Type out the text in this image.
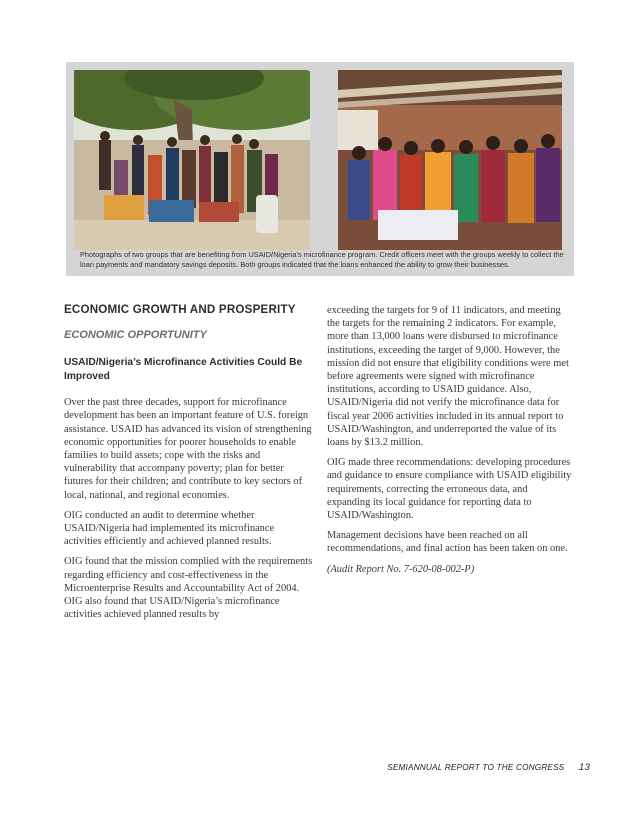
Photographs of two groups that are benefiting from USAID/Nigeria’s microfinance program. Credit officers meet with the groups weekly to collect the loan payments and mandatory savings deposits. Both groups indicated that the loans enhanced the ability to grow their businesses.
ECONOMIC GROWTH AND PROSPERITY
ECONOMIC OPPORTUNITY
USAID/Nigeria’s Microfinance Activities Could Be Improved

Over the past three decades, support for microfinance development has been an important feature of U.S. foreign assistance. USAID has advanced its vision of strengthening economic opportunities for poorer households to enable families to build assets; cope with the risks and vulnerability that accompany poverty; plan for better futures for their children; and contribute to key sectors of local, national, and regional economies.

OIG conducted an audit to determine whether USAID/Nigeria had implemented its microfinance activities efficiently and achieved planned results.

OIG found that the mission complied with the requirements regarding efficiency and cost-effectiveness in the Microenterprise Results and Accountability Act of 2004. OIG also found that USAID/Nigeria’s microfinance activities achieved planned results by

exceeding the targets for 9 of 11 indicators, and meeting the targets for the remaining 2 indicators. For example, more than 13,000 loans were disbursed to microfinance institutions, exceeding the target of 9,000. However, the mission did not ensure that eligibility conditions were met before agreements were signed with microfinance institutions, according to USAID guidance. Also, USAID/Nigeria did not verify the microfinance data for fiscal year 2006 activities included in its annual report to USAID/Washington, and underreported the value of its loans by $13.2 million.

OIG made three recommendations: developing procedures and guidance to ensure compliance with USAID eligibility requirements, correcting the erroneous data, and expanding its local guidance for reporting data to USAID/Washington.

Management decisions have been reached on all recommendations, and final action has been taken on one.

(Audit Report No. 7-620-08-002-P)

SEMIANNUAL REPORT TO THE CONGRESS 13
